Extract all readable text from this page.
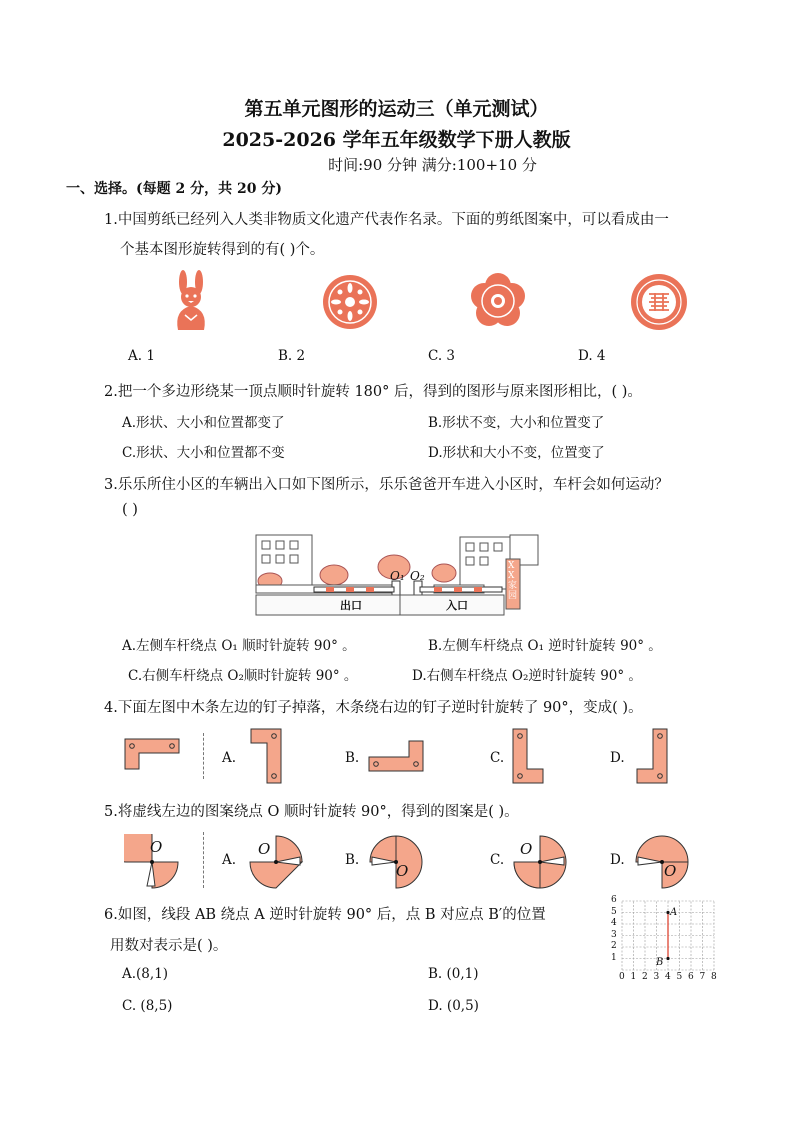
第五单元图形的运动三（单元测试）
2025-2026 学年五年级数学下册人教版
时间:90 分钟 满分:100+10 分
一、选择。(每题 2 分，共 20 分)
1.中国剪纸已经列入人类非物质文化遗产代表作名录。下面的剪纸图案中，可以看成由一
个基本图形旋转得到的有( )个。
A. 1	B. 2	C. 3	D. 4
2.把一个多边形绕某一顶点顺时针旋转 180° 后，得到的图形与原来图形相比，( )。
A.形状、大小和位置都变了	B.形状不变，大小和位置变了
C.形状、大小和位置都不变	D.形状和大小不变，位置变了
3.乐乐所住小区的车辆出入口如下图所示，乐乐爸爸开车进入小区时，车杆会如何运动？
( )
O₁ O₂
出口	入口
XX家园
A.左侧车杆绕点 O₁ 顺时针旋转 90° 。	B.左侧车杆绕点 O₁ 逆时针旋转 90° 。
C.右侧车杆绕点 O₂顺时针旋转 90° 。	D.右侧车杆绕点 O₂逆时针旋转 90° 。
4.下面左图中木条左边的钉子掉落，木条绕右边的钉子逆时针旋转了 90°，变成( )。
A.	B.	C.	D.
5.将虚线左边的图案绕点 O 顺时针旋转 90°，得到的图案是( )。
O
A.
O
B.
O
C.
O
D.
O
6.如图，线段 AB 绕点 A 逆时针旋转 90° 后，点 B 对应点 B′的位置
用数对表示是( )。
A.(8,1)	B. (0,1)
C. (8,5)	D. (0,5)
0 1 2 3 4 5 6 7 8
1
2
3
4
5
6
A
B
